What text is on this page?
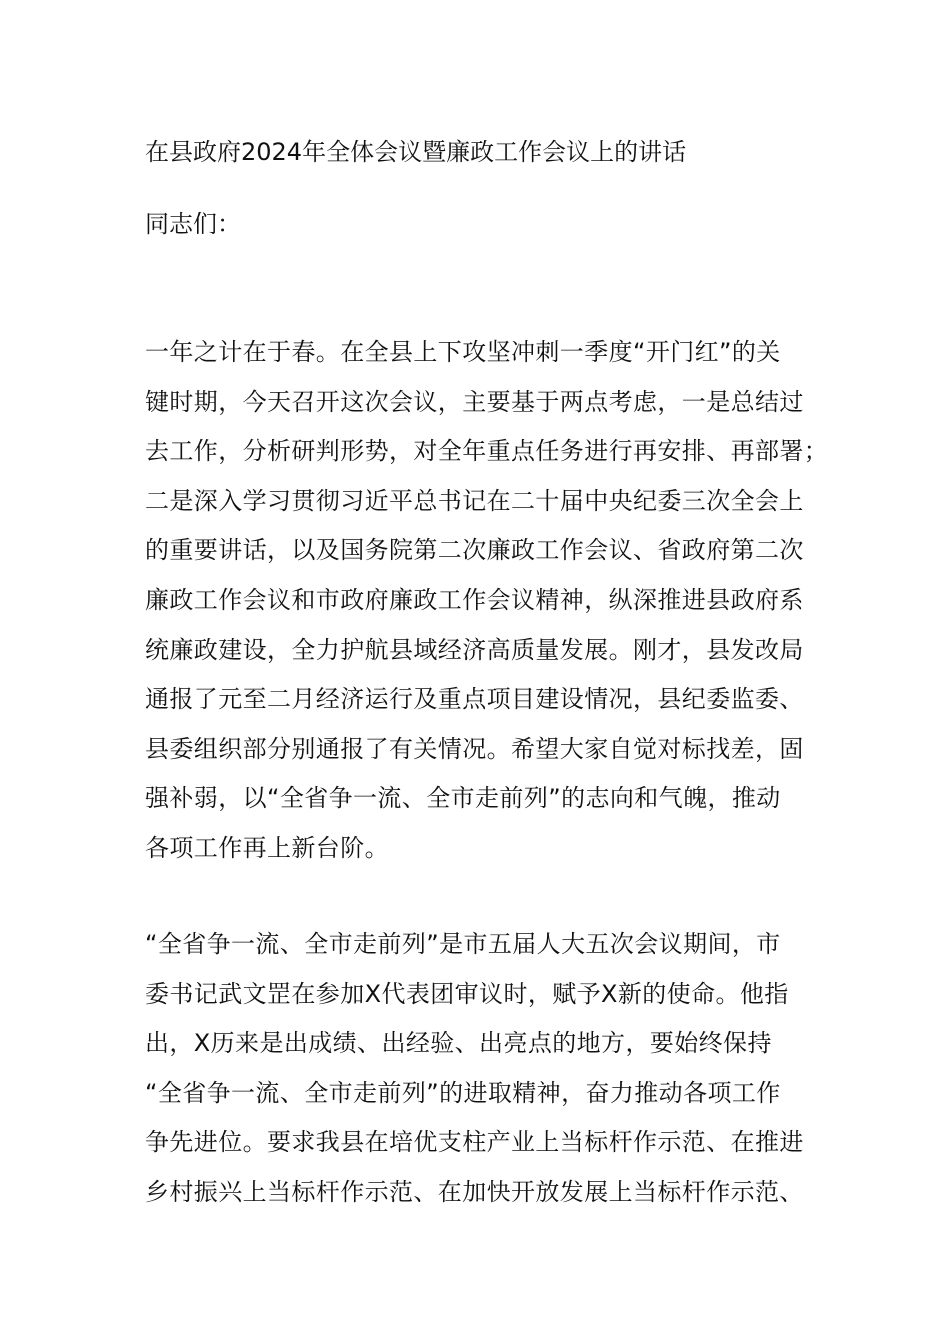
在县政府2024年全体会议暨廉政工作会议上的讲话

同志们：

一年之计在于春。在全县上下攻坚冲刺一季度“开门红”的关
键时期，今天召开这次会议，主要基于两点考虑，一是总结过
去工作，分析研判形势，对全年重点任务进行再安排、再部署；
二是深入学习贯彻习近平总书记在二十届中央纪委三次全会上
的重要讲话，以及国务院第二次廉政工作会议、省政府第二次
廉政工作会议和市政府廉政工作会议精神，纵深推进县政府系
统廉政建设，全力护航县域经济高质量发展。刚才，县发改局
通报了元至二月经济运行及重点项目建设情况，县纪委监委、
县委组织部分别通报了有关情况。希望大家自觉对标找差，固
强补弱，以“全省争一流、全市走前列”的志向和气魄，推动
各项工作再上新台阶。
“全省争一流、全市走前列”是市五届人大五次会议期间，市
委书记武文罡在参加X代表团审议时，赋予X新的使命。他指
出，X历来是出成绩、出经验、出亮点的地方，要始终保持
“全省争一流、全市走前列”的进取精神，奋力推动各项工作
争先进位。要求我县在培优支柱产业上当标杆作示范、在推进
乡村振兴上当标杆作示范、在加快开放发展上当标杆作示范、
